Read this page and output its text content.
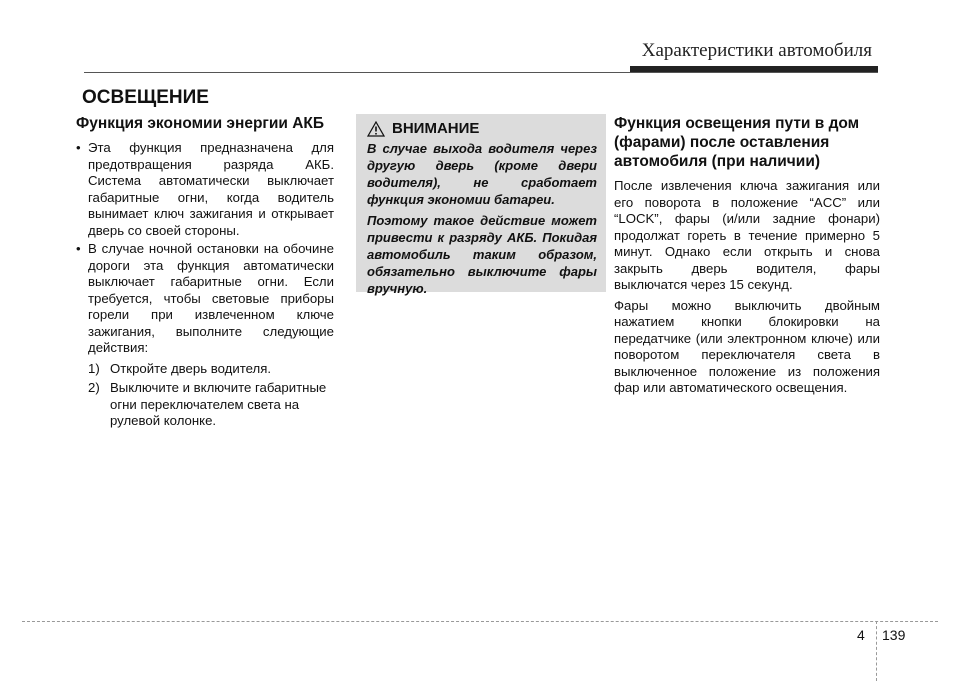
Характеристики автомобиля
ОСВЕЩЕНИЕ
Функция экономии энергии АКБ
• Эта функция предназначена для предотвращения разряда АКБ. Система автоматически выключает габаритные огни, когда водитель вынимает ключ зажигания и открывает дверь со своей стороны.
• В случае ночной остановки на обочине дороги эта функция автоматически выключает габаритные огни. Если требуется, чтобы световые приборы горели при извлеченном ключе зажигания, выполните следующие действия:
1) Откройте дверь водителя.
2) Выключите и включите габаритные огни переключателем света на рулевой колонке.
ВНИМАНИЕ

В случае выхода водителя через другую дверь (кроме двери водителя), не сработает функция экономии батареи.

Поэтому такое действие может привести к разряду АКБ. Покидая автомобиль таким образом, обязательно выключите фары вручную.

Функция освещения пути в дом (фарами) после оставления автомобиля (при наличии)

После извлечения ключа зажигания или его поворота в положение “ACC” или “LOCK”, фары (и/или задние фонари) продолжат гореть в течение примерно 5 минут. Однако если открыть и снова закрыть дверь водителя, фары выключатся через 15 секунд.

Фары можно выключить двойным нажатием кнопки блокировки на передатчике (или электронном ключе) или поворотом переключателя света в выключенное положение из положения фар или автоматического освещения.

4 139
